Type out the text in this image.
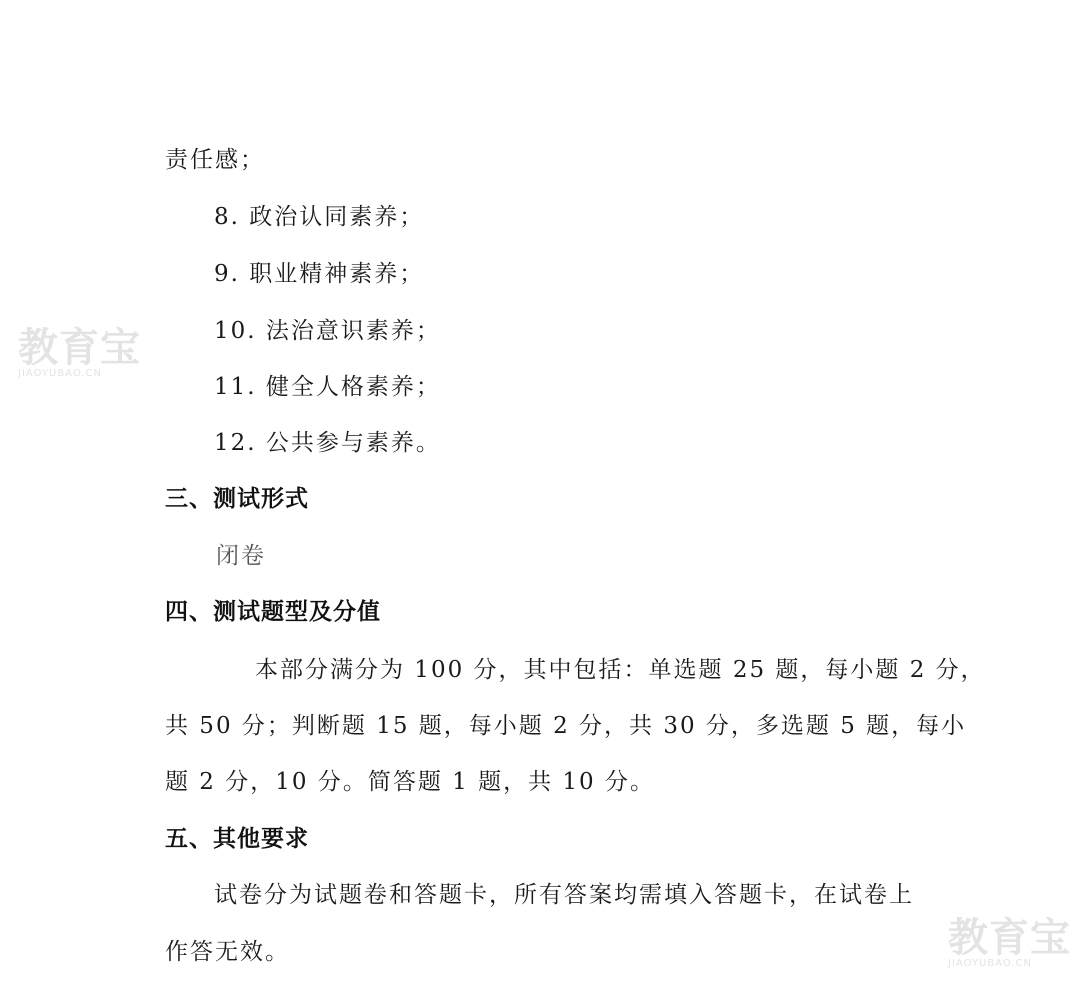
责任感；
8. 政治认同素养；
9. 职业精神素养；
10. 法治意识素养；
11. 健全人格素养；
12. 公共参与素养。
三、测试形式
闭卷
四、测试题型及分值
本部分满分为 100 分，其中包括：单选题 25 题，每小题 2 分，
共 50 分；判断题 15 题，每小题 2 分，共 30 分，多选题 5 题，每小
题 2 分，10 分。简答题 1 题，共 10 分。
五、其他要求
试卷分为试题卷和答题卡，所有答案均需填入答题卡，在试卷上
作答无效。
教育宝
JIAOYUBAO.CN
教育宝
JIAOYUBAO.CN
